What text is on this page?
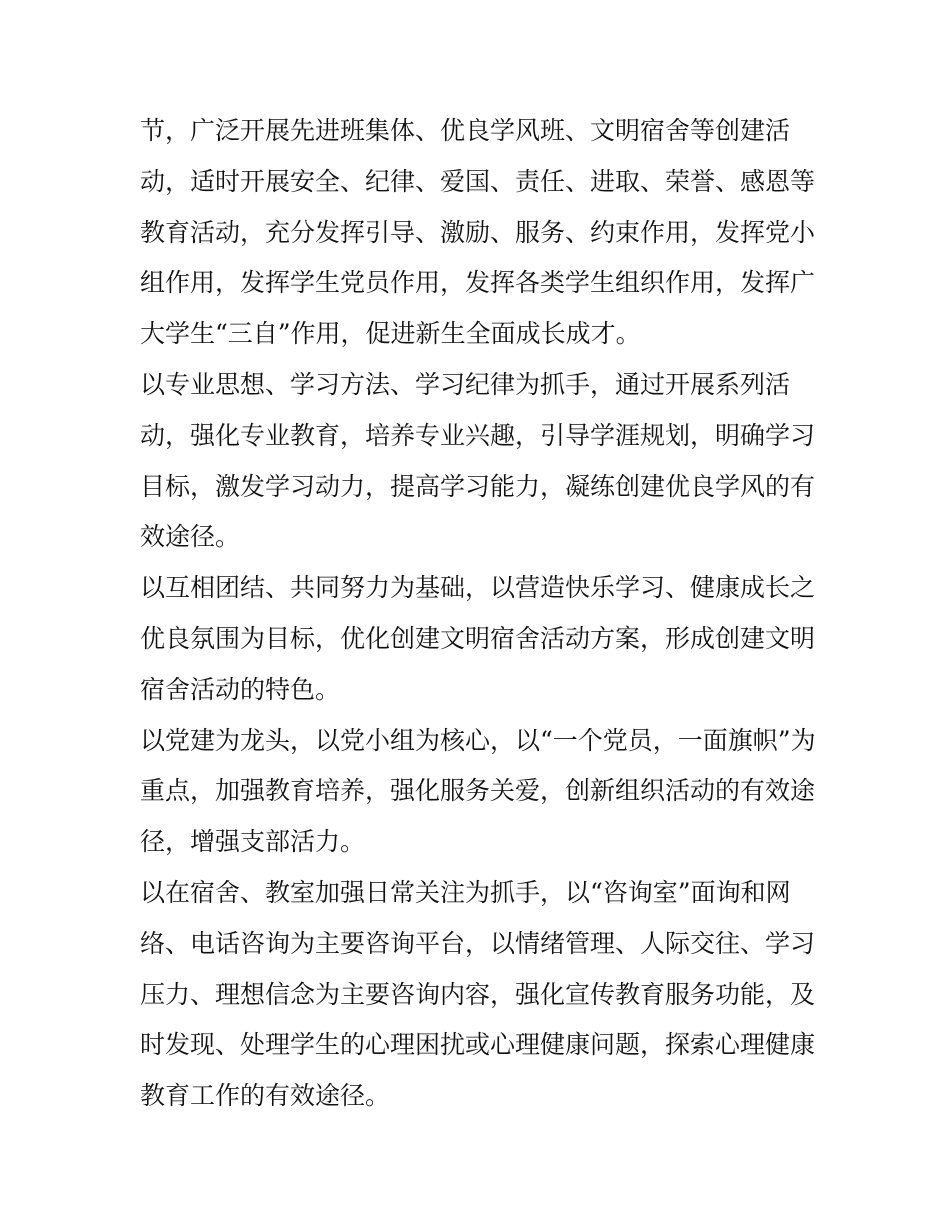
节，广泛开展先进班集体、优良学风班、文明宿舍等创建活
动，适时开展安全、纪律、爱国、责任、进取、荣誉、感恩等
教育活动，充分发挥引导、激励、服务、约束作用，发挥党小
组作用，发挥学生党员作用，发挥各类学生组织作用，发挥广
大学生“三自”作用，促进新生全面成长成才。
以专业思想、学习方法、学习纪律为抓手，通过开展系列活
动，强化专业教育，培养专业兴趣，引导学涯规划，明确学习
目标，激发学习动力，提高学习能力，凝练创建优良学风的有
效途径。
以互相团结、共同努力为基础，以营造快乐学习、健康成长之
优良氛围为目标，优化创建文明宿舍活动方案，形成创建文明
宿舍活动的特色。
以党建为龙头，以党小组为核心，以“一个党员，一面旗帜”为
重点，加强教育培养，强化服务关爱，创新组织活动的有效途
径，增强支部活力。
以在宿舍、教室加强日常关注为抓手，以“咨询室”面询和网
络、电话咨询为主要咨询平台，以情绪管理、人际交往、学习
压力、理想信念为主要咨询内容，强化宣传教育服务功能，及
时发现、处理学生的心理困扰或心理健康问题，探索心理健康
教育工作的有效途径。
